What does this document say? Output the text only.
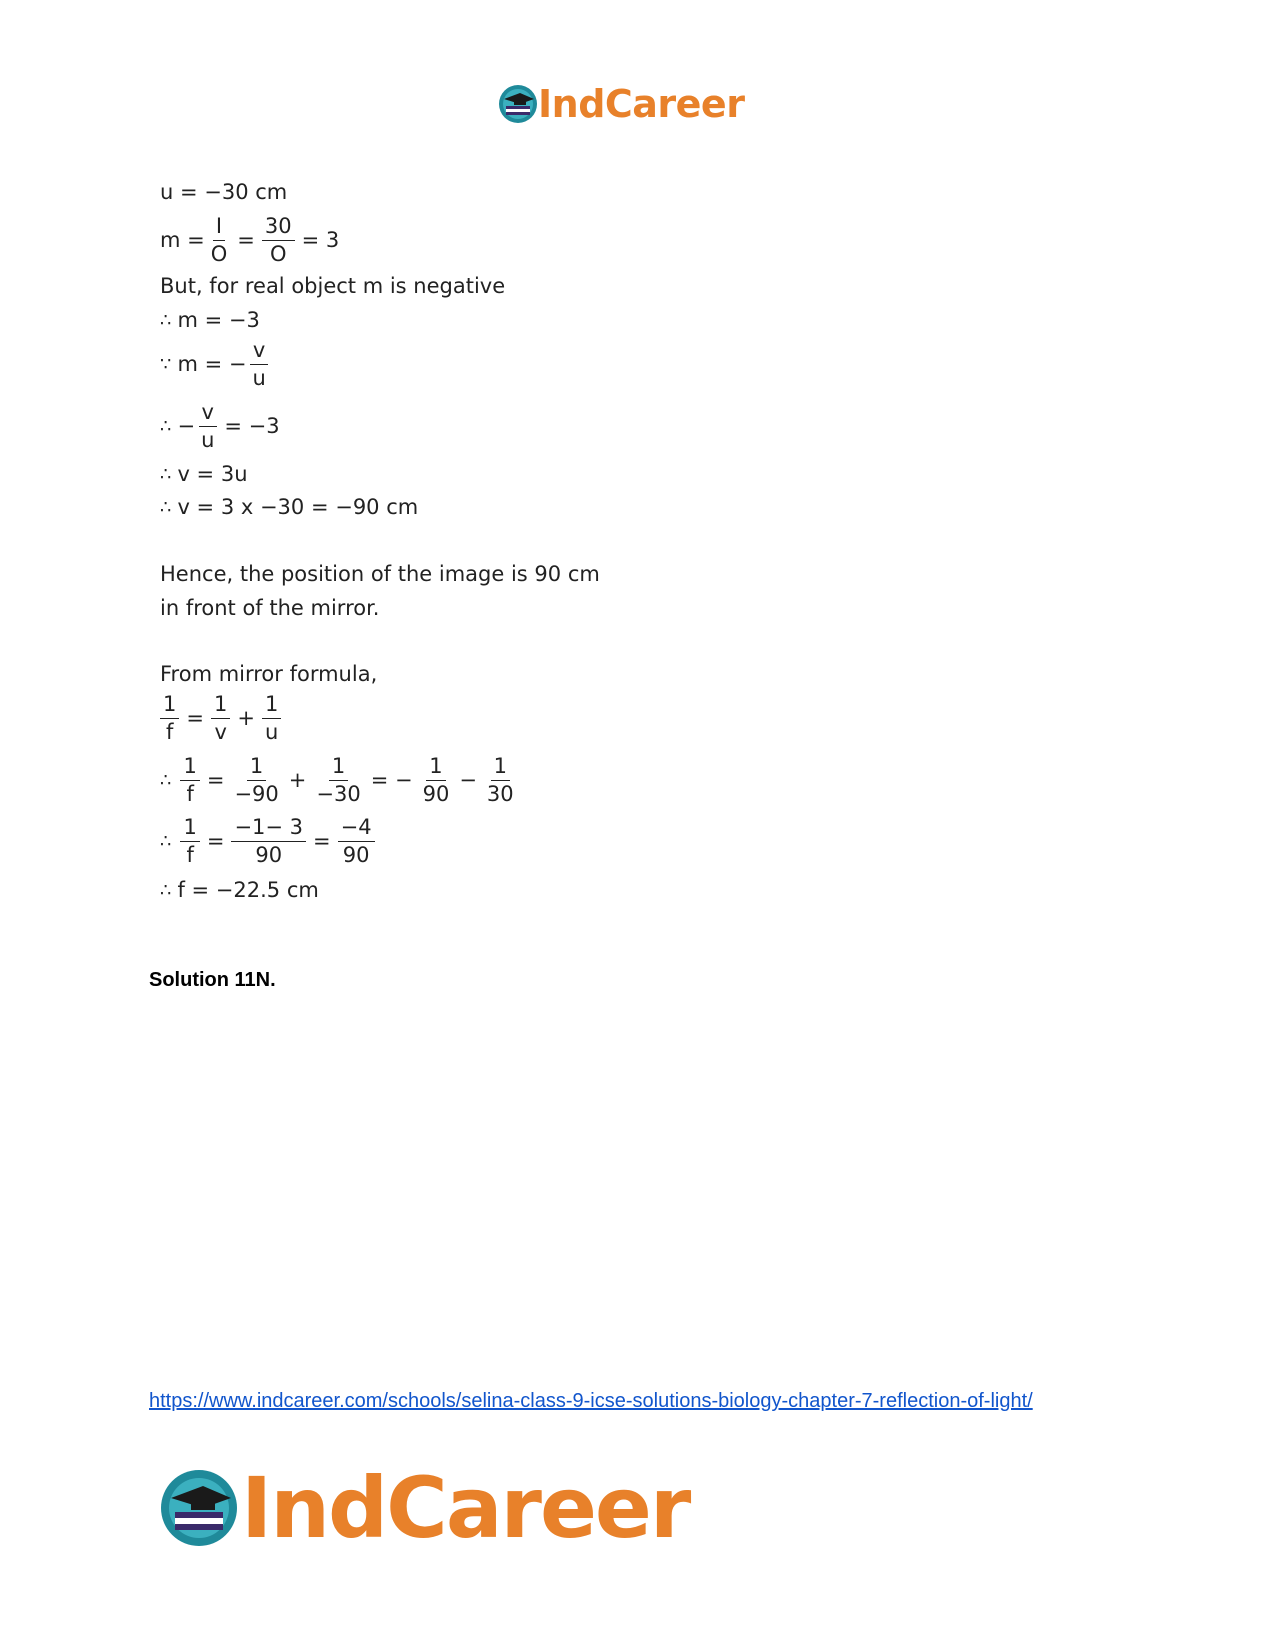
IndCareer
u = −30 cm
$m = \frac{I}{O} = \frac{30}{O} = 3$
But, for real object m is negative
∴ m = −3
∵ m = − $\frac{v}{u}$
∴ − $\frac{v}{u} = -3$
∴ v = 3u
∴ v = 3 x −30 = −90 cm
Hence, the position of the image is 90 cm
in front of the mirror.
From mirror formula,
$\frac{1}{f} = \frac{1}{v} + \frac{1}{u}$
∴ $\frac{1}{f} = \frac{1}{-90} + \frac{1}{-30}$ = − $\frac{1}{90} - \frac{1}{30}$
∴ $\frac{1}{f} = \frac{-1- 3}{90} = \frac{-4}{90}$
∴ f = −22.5 cm
Solution 11N.
https://www.indcareer.com/schools/selina-class-9-icse-solutions-biology-chapter-7-reflection-of-light/
IndCareer
